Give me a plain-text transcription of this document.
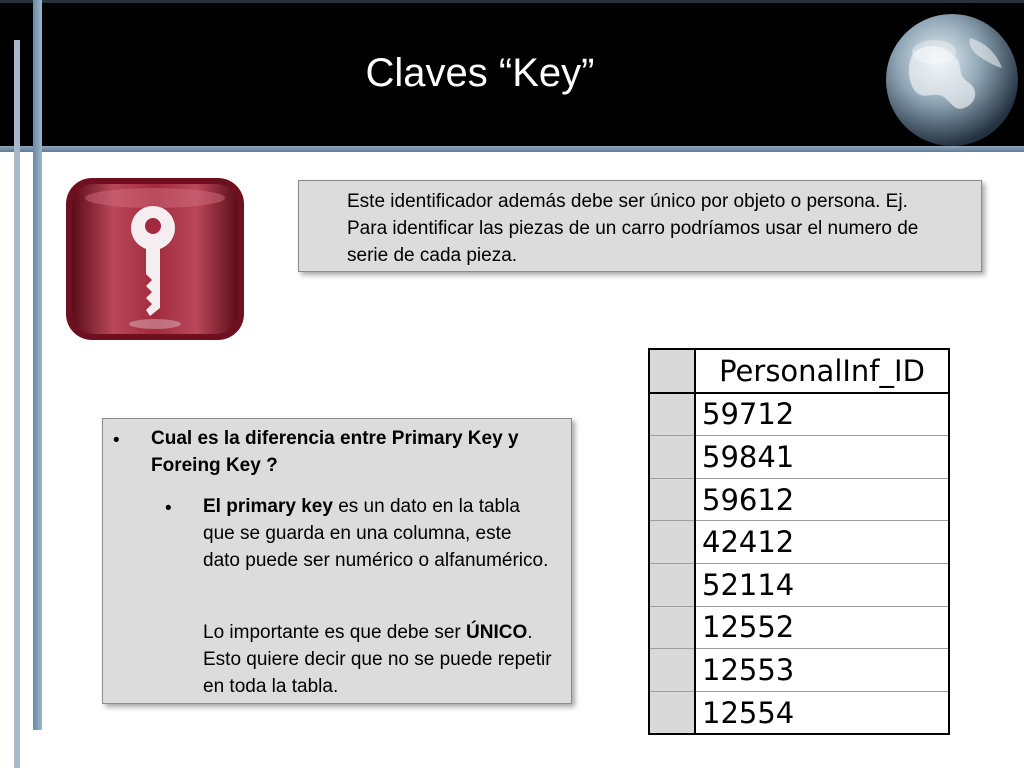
Claves “Key”
Este identificador además debe ser único por objeto o persona. Ej. Para identificar las piezas de un carro podríamos usar el numero de serie de cada pieza.
• Cual es la diferencia entre Primary Key y Foreing Key ?
• El primary key es un dato en la tabla que se guarda en una columna, este dato puede ser numérico o alfanumérico.
Lo importante es que debe ser ÚNICO. Esto quiere decir que no se puede repetir en toda la tabla.
	PersonalInf_ID
	59712
	59841
	59612
	42412
	52114
	12552
	12553
	12554
